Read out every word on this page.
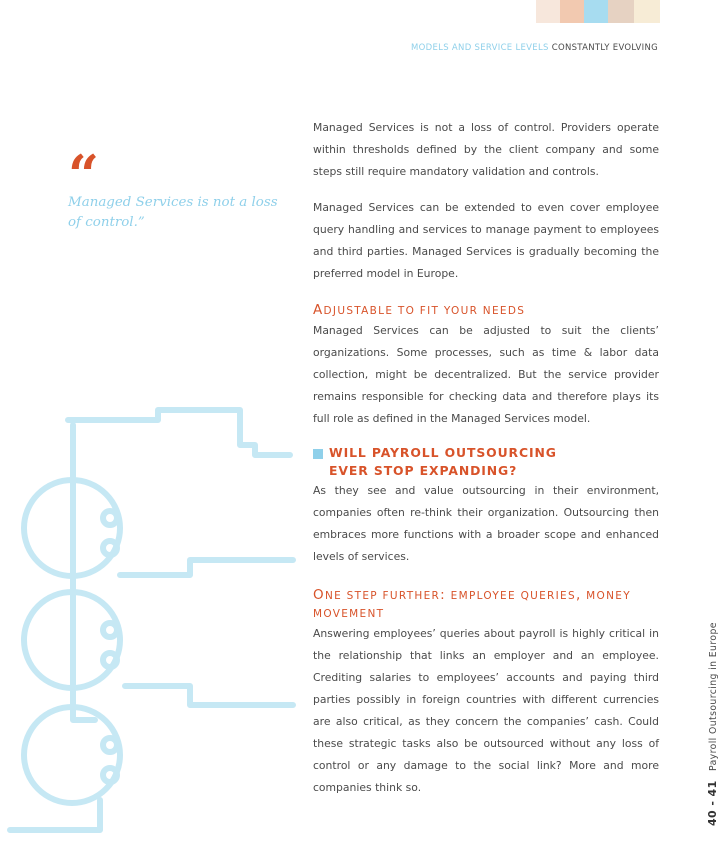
MODELS AND SERVICE LEVELS CONSTANTLY EVOLVING
“
Managed Services is not a loss of control.”

Managed Services is not a loss of control. Providers operate within thresholds defined by the client company and some steps still require mandatory validation and controls.

Managed Services can be extended to even cover employee query handling and services to manage payment to employees and third parties. Managed Services is gradually becoming the preferred model in Europe.

ADJUSTABLE TO FIT YOUR NEEDS

Managed Services can be adjusted to suit the clients’ organizations. Some processes, such as time & labor data collection, might be decentralized. But the service provider remains responsible for checking data and therefore plays its full role as defined in the Managed Services model.

WILL PAYROLL OUTSOURCING

EVER STOP EXPANDING?

As they see and value outsourcing in their environment, companies often re-think their organization. Outsourcing then embraces more functions with a broader scope and enhanced levels of services.

ONE STEP FURTHER: EMPLOYEE QUERIES, MONEY MOVEMENT

Answering employees’ queries about payroll is highly critical in the relationship that links an employer and an employee. Crediting salaries to employees’ accounts and paying third parties possibly in foreign countries with different currencies are also critical, as they concern the companies’ cash. Could these strategic tasks also be outsourced without any loss of control or any damage to the social link? More and more companies think so.	40 - 41 Payroll Outsourcing in Europe
